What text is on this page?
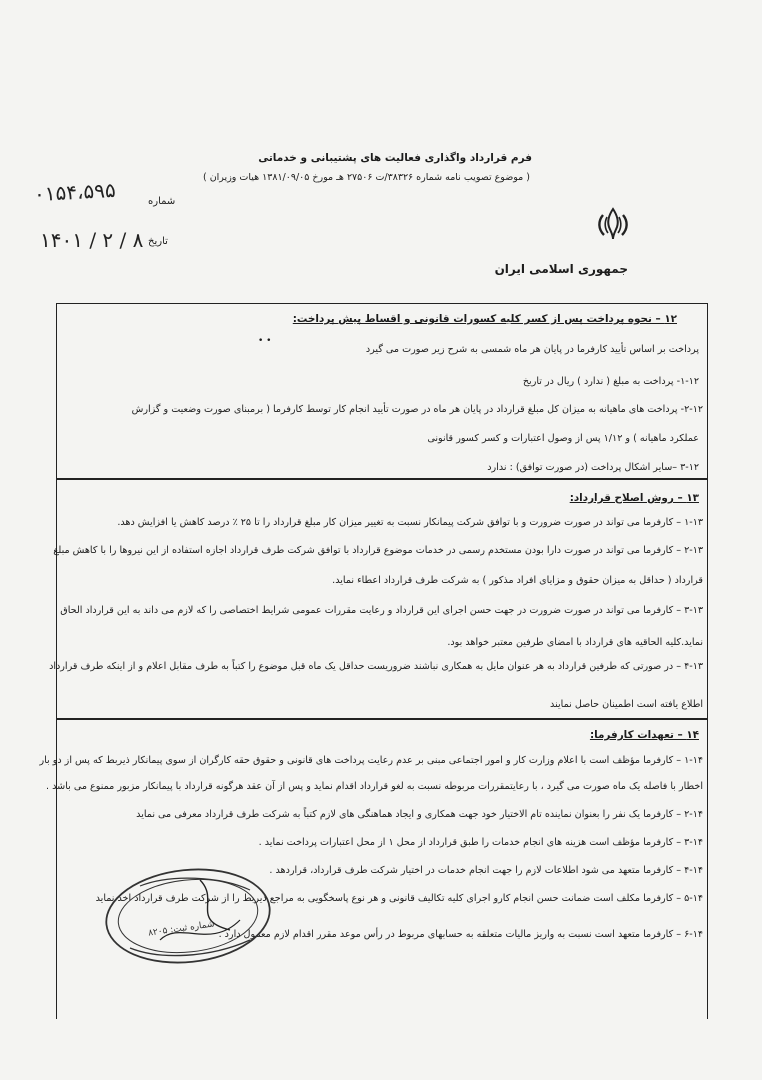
فرم قرارداد واگذاری فعالیت های پشتیبانی و خدماتی
( موضوع تصویب نامه شماره ۳۸۳۲۶/ت ۲۷۵۰۶ هـ مورخ ۱۳۸۱/۰۹/۰۵ هیات وزیران )
شماره
۰۱۵۴،۵۹۵
تاریخ
۱۴۰۱ / ۲ / ۸
جمهوری اسلامی ایران
۱۲ – نحوه پرداخت پس از کسر کلیه کسورات قانونی و اقساط پیش پرداخت:
پرداخت بر اساس تأیید کارفرما در پایان هر ماه شمسی به شرح زیر صورت می گیرد
۱-۱۲- پرداخت به مبلغ ( ندارد ) ریال در تاریخ
۲-۱۲- پرداخت های ماهیانه به میزان کل مبلغ قرارداد در پایان هر ماه در صورت تأیید انجام کار توسط کارفرما ( برمبنای صورت وضعیت و گزارش
عملکرد ماهیانه ) و ۱/۱۲ پس از وصول اعتبارات و کسر کسور قانونی
۳-۱۲ –سایر اشکال پرداخت (در صورت توافق) : ندارد
۱۳ – روش اصلاح قرارداد:
۱-۱۳ – کارفرما می تواند در صورت ضرورت و با توافق شرکت پیمانکار نسبت به تغییر میزان کار مبلغ قرارداد را تا ۲۵ ٪ درصد کاهش یا افزایش دهد.
۲-۱۳ – کارفرما می تواند در صورت دارا بودن مستخدم رسمی در خدمات موضوع قرارداد با توافق شرکت طرف قرارداد اجازه استفاده از این نیروها را با کاهش مبلغ
قرارداد ( حداقل به میزان حقوق و مزایای افراد مذکور ) به شرکت طرف قرارداد اعطاء نماید.
۳-۱۳ – کارفرما می تواند در صورت ضرورت در جهت حسن اجرای این قرارداد و رعایت مقررات عمومی شرایط اختصاصی را که لازم می داند به این قرارداد الحاق
نماید.کلیه الحاقیه های قرارداد با امضای طرفین معتبر خواهد بود.
۴-۱۳ – در صورتی که طرفین قرارداد به هر عنوان مایل به همکاری نباشند ضروریست حداقل یک ماه قبل موضوع را کتباً به طرف مقابل اعلام و از اینکه طرف قرارداد
اطلاع یافته است اطمینان حاصل نمایند
۱۴ – تعهدات کارفرما:
۱-۱۴ – کارفرما مؤظف است با اعلام وزارت کار و امور اجتماعی مبنی بر عدم رعایت پرداخت های قانونی و حقوق حقه کارگران از سوی پیمانکار ذیربط که پس از دو بار
اخطار با فاصله یک ماه صورت می گیرد ، با رعایتمقررات مربوطه نسبت به لغو قرارداد اقدام نماید و پس از آن عقد هرگونه قرارداد با پیمانکار مزبور ممنوع می باشد .
۲-۱۴ – کارفرما یک نفر را بعنوان نماینده تام الاختیار خود جهت همکاری و ایجاد هماهنگی های لازم کتباً به شرکت طرف قرارداد معرفی می نماید
۳-۱۴ – کارفرما مؤظف است هزینه های انجام خدمات را طبق قرارداد از محل ۱ از محل اعتبارات پرداخت نماید .
۴-۱۴ – کارفرما متعهد می شود اطلاعات لازم را جهت انجام خدمات در اختیار شرکت طرف قرارداد، قراردهد .
۵-۱۴ – کارفرما مکلف است ضمانت حسن انجام کارو اجرای کلیه تکالیف قانونی و هر نوع پاسخگویی به مراجع ذیربط را از شرکت طرف قرارداد اخذ نماید
۶-۱۴ – کارفرما متعهد است نسبت به واریز مالیات متعلقه به حسابهای مربوط در رأس موعد مقرر اقدام لازم معمول دارد .
• •
شماره ثبت: ۸۲۰۵
